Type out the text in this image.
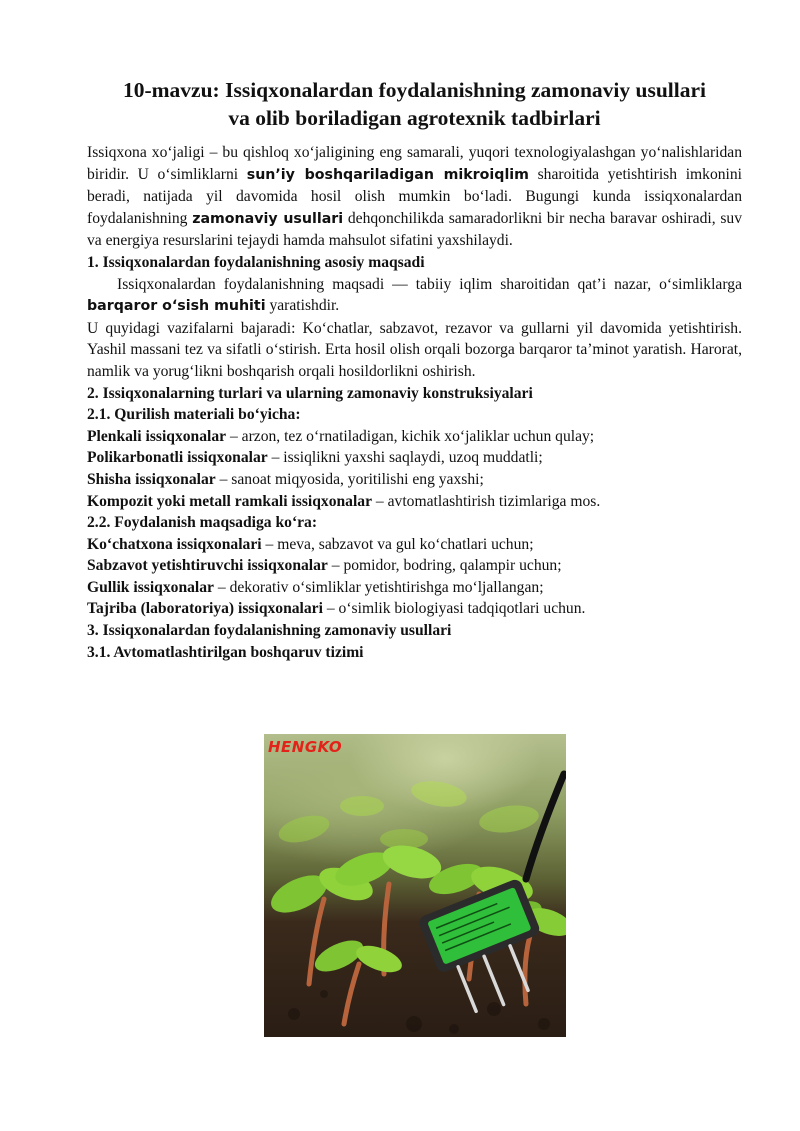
10-mavzu: Issiqxonalardan foydalanishning zamonaviy usullari
va olib boriladigan agrotexnik tadbirlari

Issiqxona xo‘jaligi – bu qishloq xo‘jaligining eng samarali, yuqori texnologiyalashgan yo‘nalishlaridan biridir. U o‘simliklarni sun’iy boshqariladigan mikroiqlim sharoitida yetishtirish imkonini beradi, natijada yil davomida hosil olish mumkin bo‘ladi. Bugungi kunda issiqxonalardan foydalanishning zamonaviy usullari dehqonchilikda samaradorlikni bir necha baravar oshiradi, suv va energiya resurslarini tejaydi hamda mahsulot sifatini yaxshilaydi.

1. Issiqxonalardan foydalanishning asosiy maqsadi

Issiqxonalardan foydalanishning maqsadi — tabiiy iqlim sharoitidan qat’i nazar, o‘simliklarga barqaror o‘sish muhiti yaratishdir.

U quyidagi vazifalarni bajaradi: Ko‘chatlar, sabzavot, rezavor va gullarni yil davomida yetishtirish. Yashil massani tez va sifatli o‘stirish. Erta hosil olish orqali bozorga barqaror ta’minot yaratish. Harorat, namlik va yorug‘likni boshqarish orqali hosildorlikni oshirish.

2. Issiqxonalarning turlari va ularning zamonaviy konstruksiyalari
2.1. Qurilish materiali bo‘yicha:
Plenkali issiqxonalar – arzon, tez o‘rnatiladigan, kichik xo‘jaliklar uchun qulay;
Polikarbonatli issiqxonalar – issiqlikni yaxshi saqlaydi, uzoq muddatli;
Shisha issiqxonalar – sanoat miqyosida, yoritilishi eng yaxshi;
Kompozit yoki metall ramkali issiqxonalar – avtomatlashtirish tizimlariga mos.
2.2. Foydalanish maqsadiga ko‘ra:
Ko‘chatxona issiqxonalari – meva, sabzavot va gul ko‘chatlari uchun;
Sabzavot yetishtiruvchi issiqxonalar – pomidor, bodring, qalampir uchun;
Gullik issiqxonalar – dekorativ o‘simliklar yetishtirishga mo‘ljallangan;
Tajriba (laboratoriya) issiqxonalari – o‘simlik biologiyasi tadqiqotlari uchun.
3. Issiqxonalardan foydalanishning zamonaviy usullari
3.1. Avtomatlashtirilgan boshqaruv tizimi
HENGKO
